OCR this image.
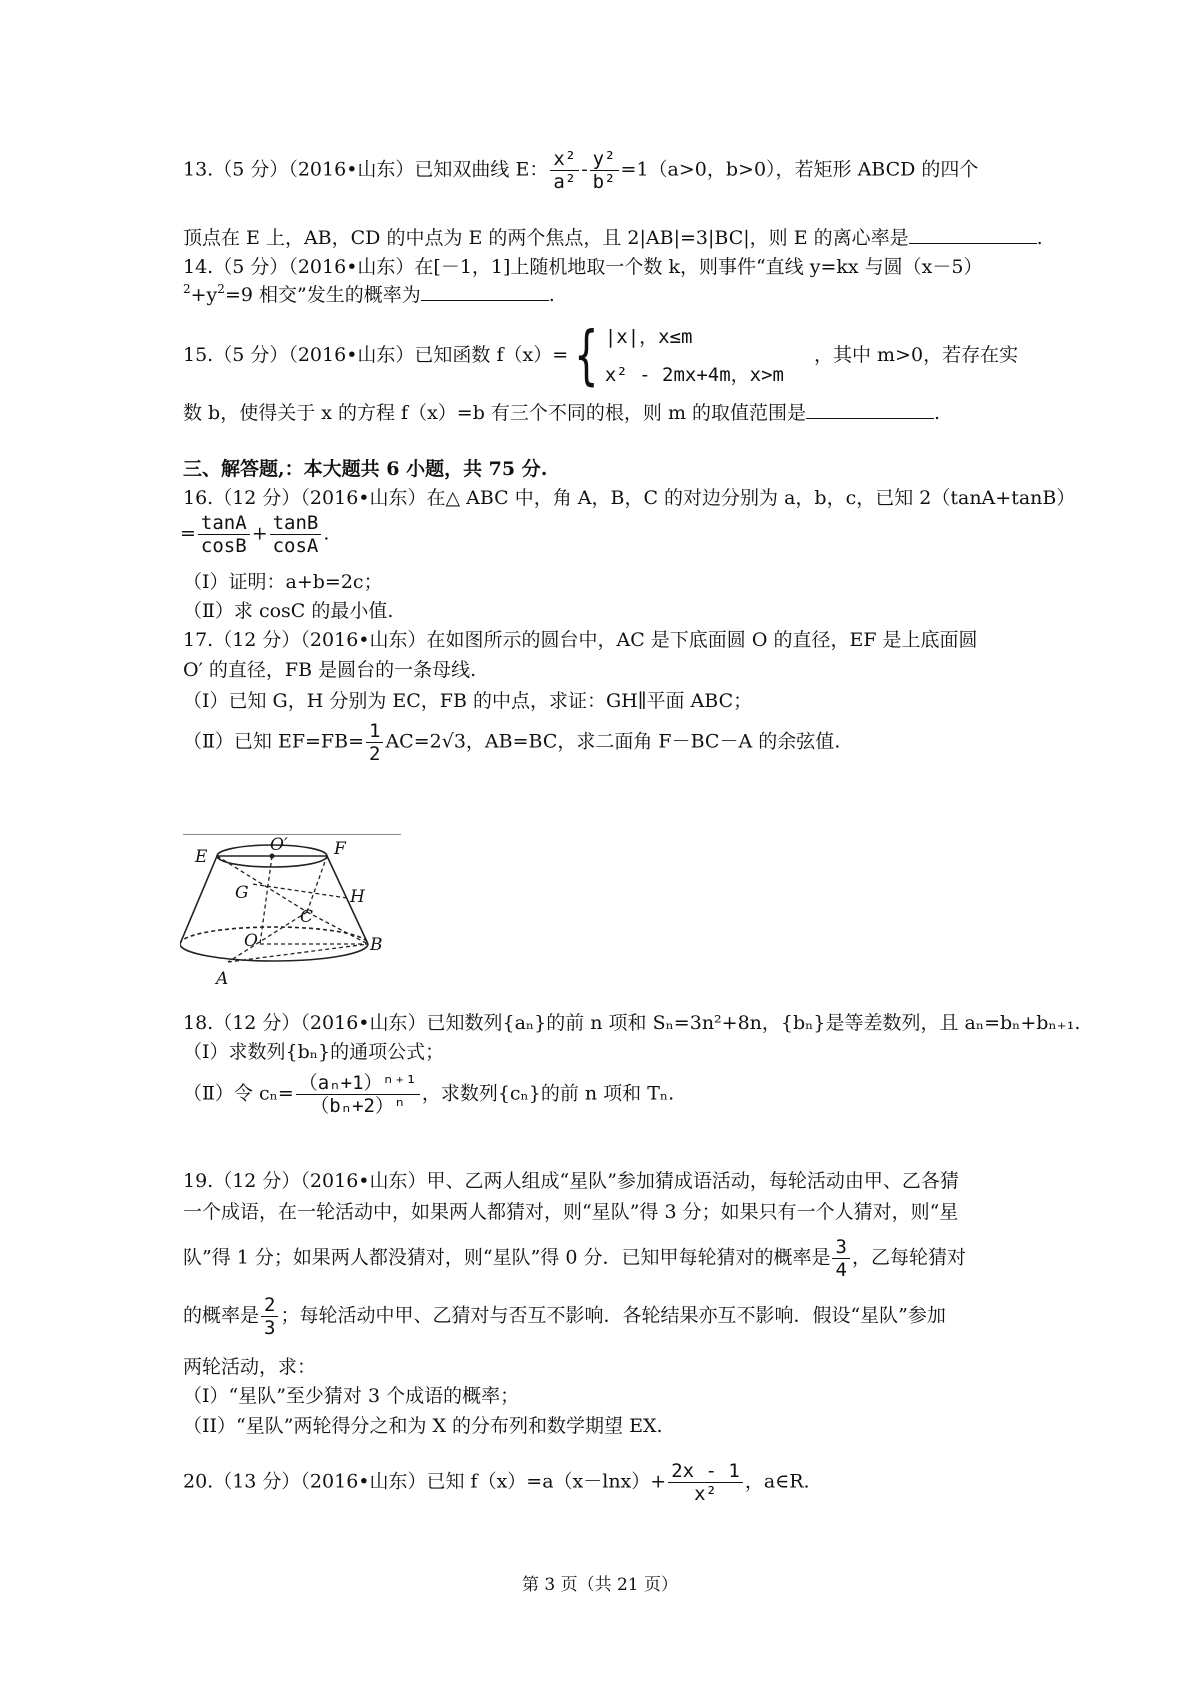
13.（5 分）（2016•山东）已知双曲线 E： $\frac{\text{x²}}{\text{a²}} - \frac{\text{y²}}{\text{b²}} =1(a>0$，b>0），若矩形 ABCD 的四个
顶点在 E 上，AB，CD 的中点为 E 的两个焦点，且 2|AB|=3|BC|，则 E 的离心率是	.
14.（5 分）（2016•山东）在[－1，1]上随机地取一个数 k，则事件“直线 y=kx 与圆（x－5）
$^2+y^2=9$ 相交”发生的概率为	.
15.（5 分）（2016•山东）已知函数 f（x）={ |x|，x≤m
x² - 2mx+4m，x>m
，其中 m>0，若存在实
数 b，使得关于 x 的方程 f（x）=b 有三个不同的根，则 m 的取值范围是	.
三、解答题,：本大题共 6 小题，共 75 分.
16.（12 分）（2016•山东）在△ ABC 中，角 A，B，C 的对边分别为 a，b，c，已知 2（tanA+tanB）
= $\frac{\tan A}{\cos B} + \frac{\tan B}{\cos A}$ .
（Ⅰ）证明：a+b=2c；
（Ⅱ）求 cosC 的最小值.
17.（12 分）（2016•山东）在如图所示的圆台中，AC 是下底面圆 O 的直径，EF 是上底面圆
O′ 的直径，FB 是圆台的一条母线.
（I）已知 G，H 分别为 EC，FB 的中点，求证：GH∥平面 ABC；
（Ⅱ）已知 $EF=FB= \frac{1}{2} AC=2√3$，AB=BC，求二面角 F－BC－A 的余弦值.
E
O′	F
G	H
C
O	B
A
18.（12 分）（2016•山东）已知数列{aₙ}的前 n 项和 Sₙ=3n²+8n，{bₙ}是等差数列，且 aₙ=bₙ+bₙ₊₁.
（Ⅰ）求数列{bₙ}的通项公式；
（Ⅱ）令 $c_n= \frac{\text{（aₙ+1）ⁿ⁺¹}}{\text{（bₙ+2）ⁿ}}$ ，求数列{cₙ}的前 n 项和 Tₙ.
19.（12 分）（2016•山东）甲、乙两人组成“星队”参加猜成语活动，每轮活动由甲、乙各猜
一个成语，在一轮活动中，如果两人都猜对，则“星队”得 3 分；如果只有一个人猜对，则“星
队”得 1 分；如果两人都没猜对，则“星队”得 0 分．已知甲每轮猜对的概率是 $\frac{3}{4}$ ，乙每轮猜对
的概率是 $\frac{2}{3}$ ；每轮活动中甲、乙猜对与否互不影响．各轮结果亦互不影响．假设“星队”参加
两轮活动，求：
（I）“星队”至少猜对 3 个成语的概率；
（II）“星队”两轮得分之和为 X 的分布列和数学期望 EX.
20.（13 分）（2016•山东）已知 $f(x)=a(x-\ln x)+ \frac{2x - 1}{\text{x²}}$ ，a∈R.
第 3 页（共 21 页）
